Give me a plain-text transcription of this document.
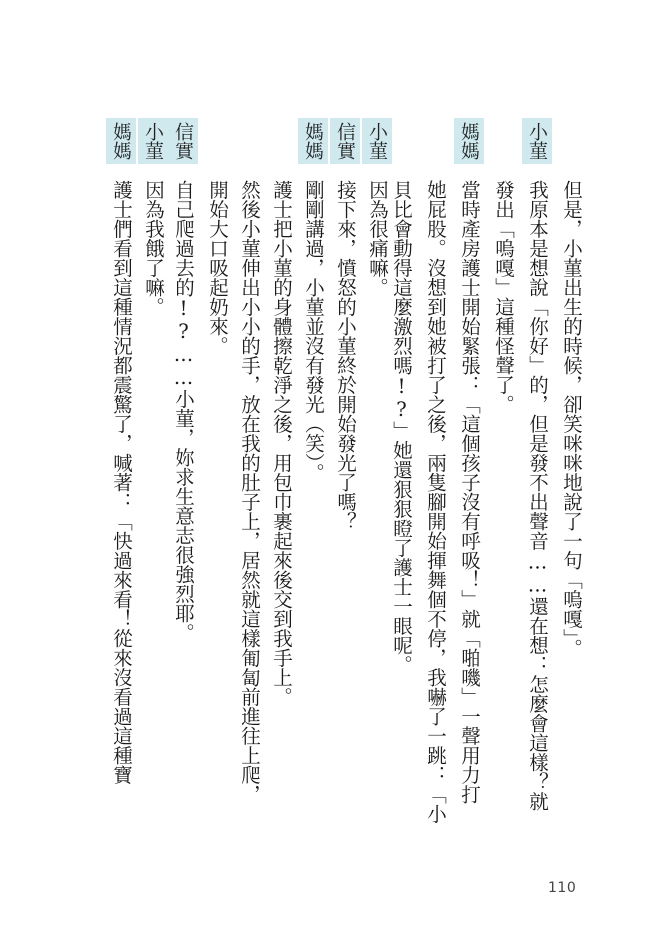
小菫
但是，小菫出生的時候，卻笑咪咪地說了一句「嗚嘎」。
我原本是想說「你好」的，但是發不出聲音……還在想：怎麼會這樣？就
發出「嗚嘎」這種怪聲了。
媽媽
當時產房護士開始緊張：「這個孩子沒有呼吸！」就「啪嘰」一聲用力打
她屁股。沒想到她被打了之後，兩隻腳開始揮舞個不停，我嚇了一跳：「小
貝比會動得這麼激烈嗎!?」她還狠狠瞪了護士一眼呢。
小菫
因為很痛嘛。
信實
接下來，憤怒的小菫終於開始發光了嗎？
媽媽
剛剛講過，小菫並沒有發光（笑）。
護士把小菫的身體擦乾淨之後，用包巾裹起來後交到我手上。
然後小菫伸出小小的手，放在我的肚子上，居然就這樣匍匐前進往上爬，
開始大口吸起奶來。
信實
自己爬過去的!?……小菫，妳求生意志很強烈耶。
小菫
因為我餓了嘛。
媽媽
護士們看到這種情況都震驚了，喊著：「快過來看！從來沒看過這種寶
110
